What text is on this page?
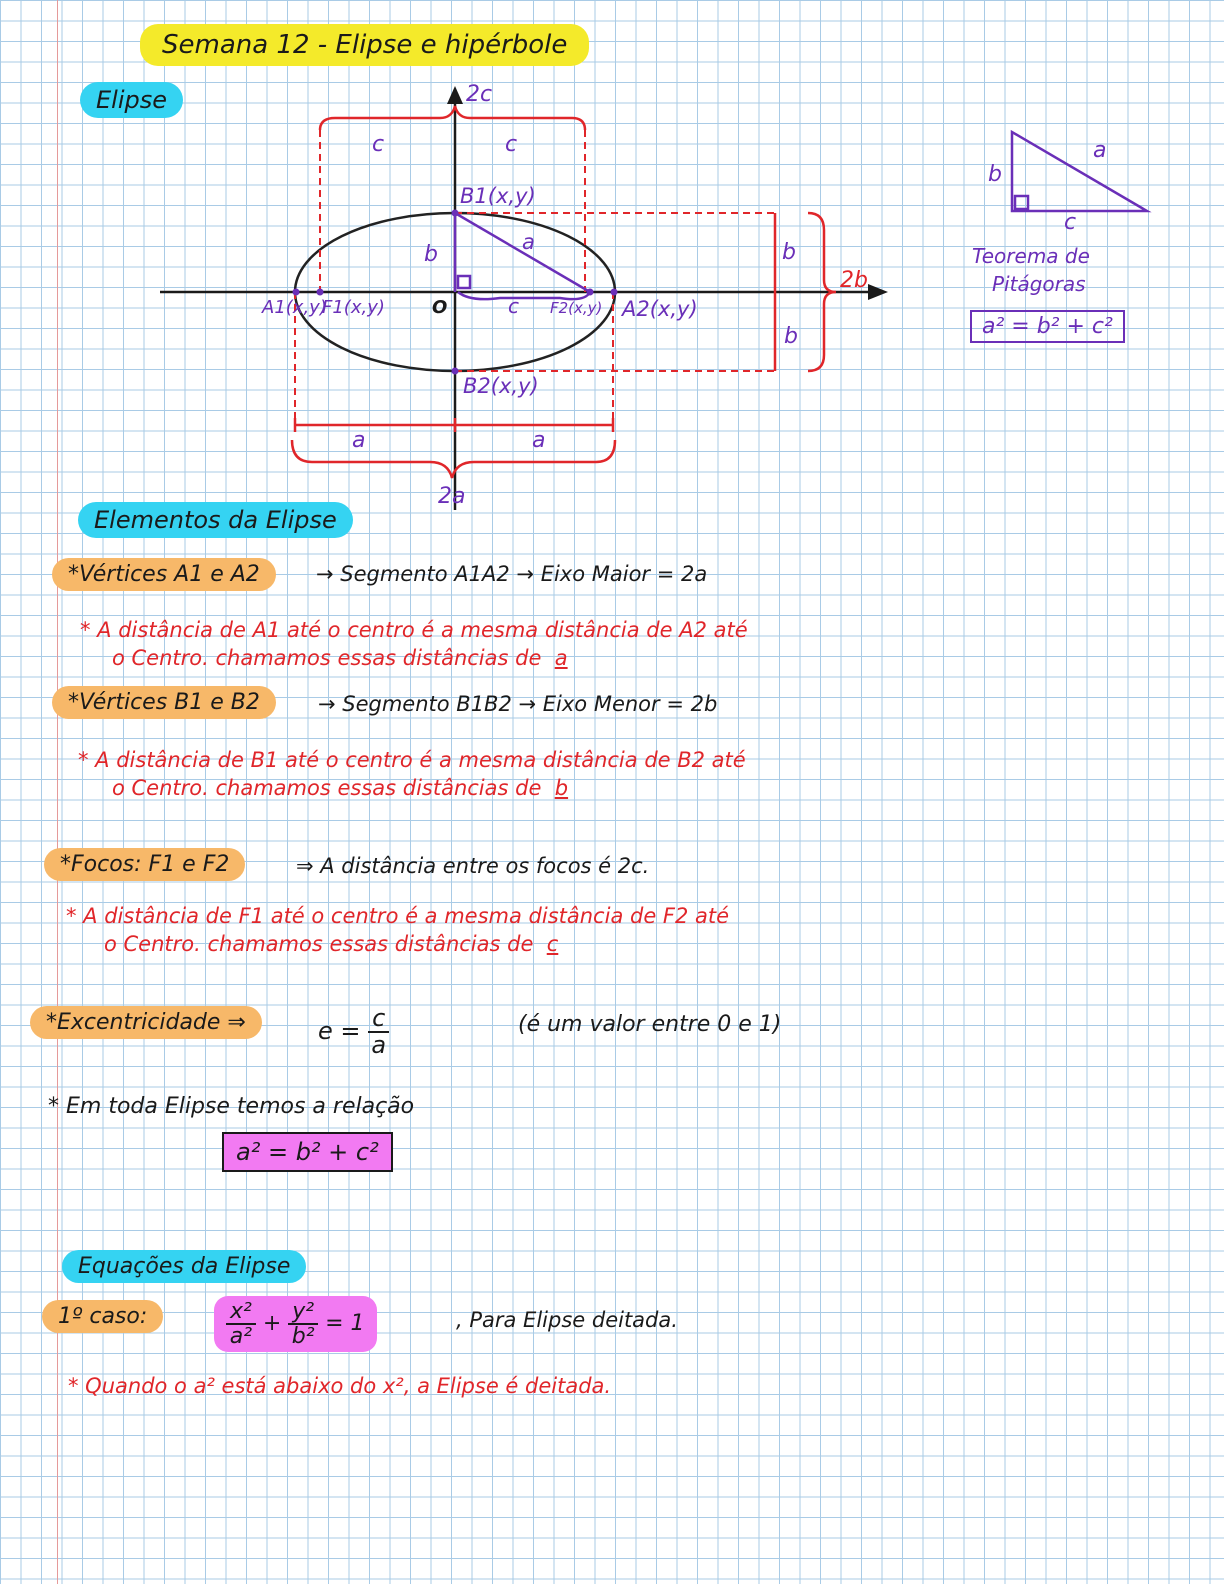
Semana 12 - Elipse e hipérbole
Elipse	2c
c	c
B1(x,y)
a
b
A1(x,y)
F1(x,y)	O	c F2(x,y) A2(x,y)
B2(x,y)
b
b
2b
a	a
2a
b
a
c
Teorema de
Pitágoras
a² = b² + c²
Elementos da Elipse
*Vértices A1 e A2	→ Segmento A1A2 → Eixo Maior = 2a
* A distância de A1 até o centro é a mesma distância de A2 até
o Centro. chamamos essas distâncias de a
*Vértices B1 e B2	→ Segmento B1B2 → Eixo Menor = 2b
* A distância de B1 até o centro é a mesma distância de B2 até
o Centro. chamamos essas distâncias de b
*Focos: F1 e F2	⇒ A distância entre os focos é 2c.
* A distância de F1 até o centro é a mesma distância de F2 até
o Centro. chamamos essas distâncias de c
*Excentricidade ⇒	$e = \frac{c}{a}$	(é um valor entre 0 e 1)
* Em toda Elipse temos a relação
a² = b² + c²
Equações da Elipse
1º caso:	$\frac{\text{x²}}{\text{a²}} + \frac{\text{y²}}{\text{b²}} = 1$	, Para Elipse deitada.
* Quando o a² está abaixo do x², a Elipse é deitada.
